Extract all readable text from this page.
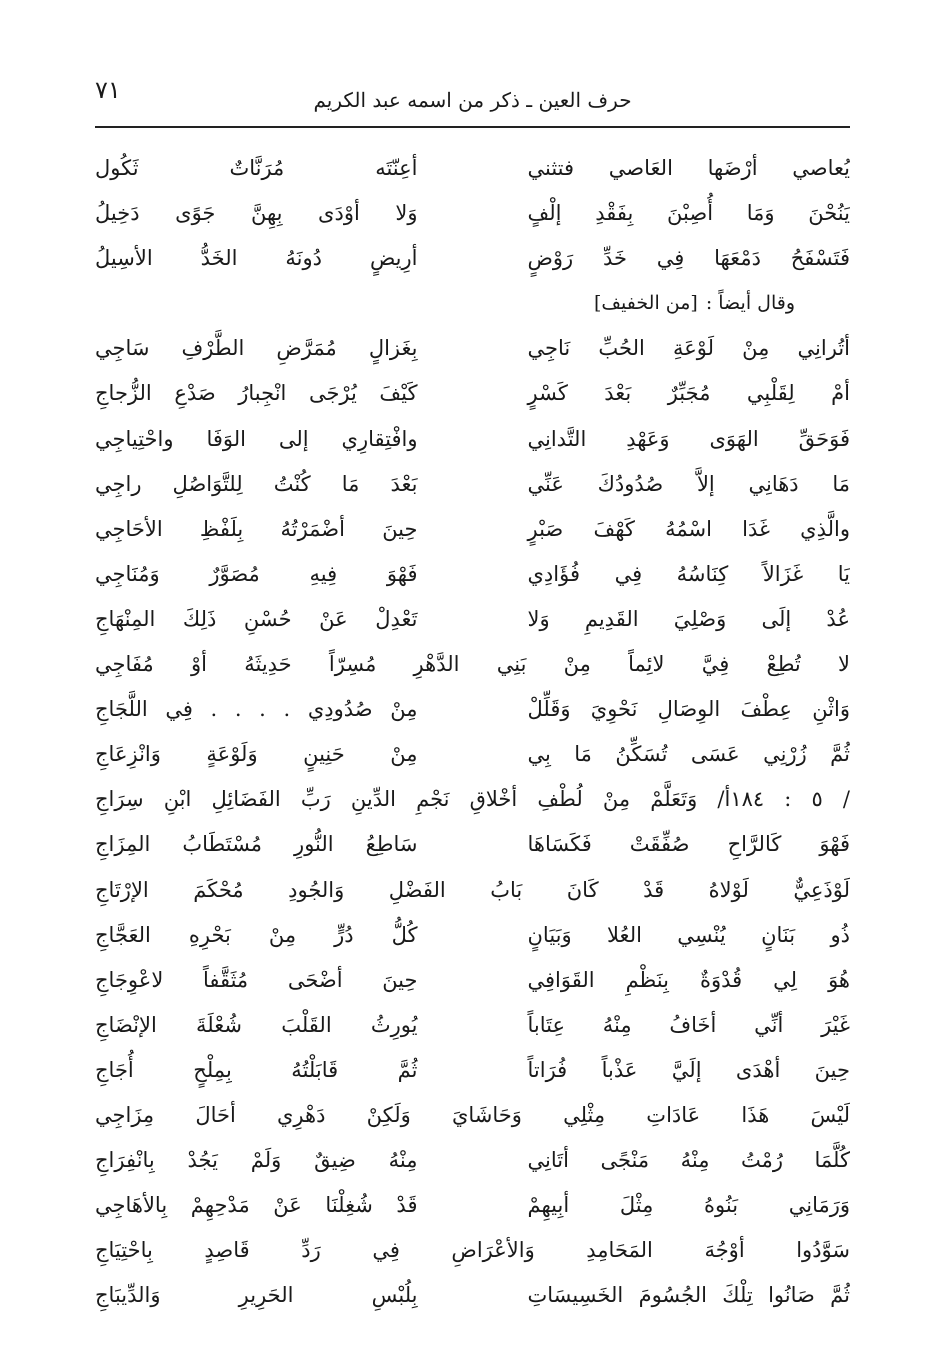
٧١	حرف العين ـ ذكر من اسمه عبد الكريم
يُعاصي أرْضَها العَاصي فتثني
أعِنّتَه مُرَنَّاتٌ ثَكُول
يَنُحْنَ وَمَا أُصِبْنَ بِفَقْدِ إلْفٍ
وَلا أوْدَى بِهِنَّ جَوًى دَخِيلُ
فَتَسْفَحُ دَمْعَهَا فِي خَدِّ رَوْضٍ
أرِيضٍ دُونَهُ الخَدُّ الأسِيلُ
وقال أيضاً :[من الخفيف]
أتُرانِي مِنْ لَوْعَةِ الحُبِّ نَاجِي
بِغَزالٍ مُمَرَّضِ الطَّرْفِ سَاجِي
أمْ لِقَلْبِي مُجَبِّرٌ بَعْدَ كَسْرٍ
كَيْفَ يُرْجَى انْجِبارُ صَدْعِ الزُّجاجِ
فَوَحَقِّ الهَوَى وَعَهْدِ التَّدانِي
وافْتِقارِي إلى الوَفَا واحْتِياجِي
مَا دَهَانِي إلاَّ صُدُودُكَ عَنِّي
بَعْدَ مَا كُنْتُ لِلتَّوَاصُلِ راجِي
والَّذِي غَدَا اسْمُهُ كَهْفَ صَبْرٍ
حِينَ أضْمَرْتُهُ بِلَفْظِ الأحَاجِي
يَا غَزَالاً كِنَاسُهُ فِي فُؤَادِي
فَهْوَ فِيهِ مُصَوَّرٌ وَمُنَاجِي
عُدْ إلَى وَصْلِيَ القَدِيمِ وَلا
تَعْدِلْ عَنْ حُسْنِ ذَلِكَ المِنْهَاجِ
لا تُطِعْ فِيَّ لائِماً مِنْ بَنِي الدَّهْرِ مُسِرّاً حَدِيثَهُ أوْ مُفَاجِي
وَاثْنِ عِطْفَ الوِصَالِ نَحْوِيَ وَقَلِّلْ
مِنْ صُدُودِي . . . . فِي اللَّجَاجِ
ثُمَّ زُرْنِي عَسَى تُسَكِّنُ مَا بِي
مِنْ حَنِينٍ وَلَوْعَةٍ وَانْزِعَاجِ
/ ٥ : ١٨٤أ/ وَتَعَلَّمْ مِنْ لُطْفِ أخْلاقِ نَجْمِ الدِّينِ رَبِّ الفَضَائِلِ ابْنِ سِرَاجِ
فَهْوَ كَالرَّاحِ صُفِّقَتْ فَكَسَاهَا
سَاطِعُ النُّورِ مُسْتَطَابُ المِزَاجِ
لَوْذَعِيٌّ لَوْلاهُ قَدْ كَانَ بَابُ الفَضْلِ وَالجُودِ مُحْكَمَ الإرْتَاجِ
ذُو بَنَانٍ يُنْسِي العُلا وَبَيَانٍ
كُلُّ دُرٍّ مِنْ بَحْرِهِ العَجَّاجِ
هُوَ لِي قُدْوَةٌ بِنَظْمِ القَوَافِي
حِينَ أضْحَى مُثَقَّفاً لاعْوِجَاجِ
غَيْرَ أنِّي أخَافُ مِنْهُ عِتَاباً
يُورِثُ القَلْبَ شُعْلَةَ الإنْضَاجِ
حِينَ أهْدَى إلَيَّ عَذْباً فُرَاتاً
ثُمَّ قَابَلْتُهُ بِمِلْحٍ أُجَاجِ
لَيْسَ هَذَا عَادَاتِ مِثْلِي وَحَاشَايَ وَلَكِنْ دَهْرِي أحَالَ مِزَاجِي
كُلَّمَا رُمْتُ مِنْهُ مَنْجًى أتَانِي
مِنْهُ ضِيقٌ وَلَمْ يَجُدْ بِانْفِرَاجِ
وَرَمَانِي بَنُوهُ مِثْلَ أبِيهِمْ
قَدْ شُغِلْنَا عَنْ مَدْحِهِمْ بِالأهَاجِي
سَوَّدُوا أوْجُهَ المَحَامِدِ وَالأعْرَاضِ فِي رَدِّ قَاصِدٍ بِاحْتِيَاجِ
ثُمَّ صَانُوا تِلْكَ الجُسُومَ الخَسِيسَاتِ
بِلُبْسِ الحَرِيرِ وَالدِّيبَاجِ
